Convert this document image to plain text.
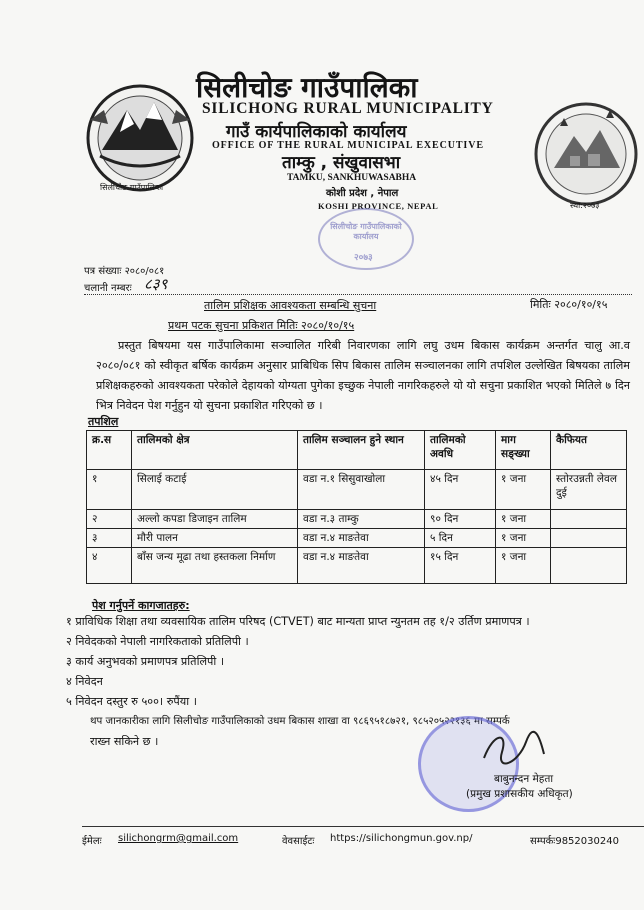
सिलीचोङ गाउँपालिका
स्था:२०७३
सिलीचोङ गाउँपालिका
SILICHONG RURAL MUNICIPALITY
गाउँ कार्यपालिकाको कार्यालय
OFFICE OF THE RURAL MUNICIPAL EXECUTIVE
ताम्कु , संखुवासभा
TAMKU, SANKHUWASABHA
कोशी प्रदेश , नेपाल
KOSHI PROVINCE, NEPAL
सिलीचोङ गाउँपालिकाको कार्यालय
२०७३
पत्र संख्याः २०८०/०८१
चलानी नम्बरः ८३९
तालिम प्रशिक्षक आवश्यकता सम्बन्धि सुचना	मितिः २०८०/१०/१५
प्रथम पटक सुचना प्रकिशत मितिः २०८०/१०/१५
प्रस्तुत बिषयमा यस गाउँपालिकामा सञ्चालित गरिबी निवारणका लागि लघु उधम बिकास कार्यक्रम अन्तर्गत चालु आ.व २०८०/०८१ को स्वीकृत बर्षिक कार्यक्रम अनुसार प्राबिधिक सिप बिकास तालिम सञ्चालनका लागि तपशिल उल्लेखित बिषयका तालिम प्रशिक्षकहरुको आवश्यकता परेकोले देहायको योग्यता पुगेका इच्छुक नेपाली नागरिकहरुले यो यो सचुना प्रकाशित भएको मितिले ७ दिन भित्र निवेदन पेश गर्नुहुन यो सुचना प्रकाशित गरिएको छ ।
तपशिल
क्र.स	तालिमको क्षेत्र	तालिम सञ्चालन हुने स्थान	तालिमको अवधि	माग सङ्ख्या	कैफियत
१	सिलाई कटाई	वडा न.१ सिसुवाखोला	४५ दिन	१ जना	स्तोरउन्नती लेवल दुई
२	अल्लो कपडा डिजाइन तालिम	वडा न.३ ताम्कु	९० दिन	१ जना	
३	मौरी पालन	वडा न.४ माङतेवा	५ दिन	१ जना	
४	बाँस जन्य मूढा तथा हस्तकला निर्माण	वडा न.४ माङतेवा	१५ दिन	१ जना	
पेश गर्नुपर्ने कागजातहरु:
१ प्राविधिक शिक्षा तथा व्यवसायिक तालिम परिषद (CTVET) बाट मान्यता प्राप्त न्युनतम तह १/२ उर्तिण प्रमाणपत्र ।
२ निवेदकको नेपाली नागरिकताको प्रतिलिपी ।
३ कार्य अनुभवको प्रमाणपत्र प्रतिलिपी ।
४ निवेदन
५ निवेदन दस्तुर रु ५००। रुपैंया ।
थप जानकारीका लागि सिलीचोङ गाउँपालिकाको उधम बिकास शाखा वा ९८६९५१८७२१, ९८५२०५२२१३६ मा सम्पर्क
राख्न सकिने छ ।
बाबुनन्दन मेहता
(प्रमुख प्रशासकीय अधिकृत)
ईमेलः silichongrm@gmail.com	वेवसाईटः https://silichongmun.gov.np/	सम्पर्कः9852030240
